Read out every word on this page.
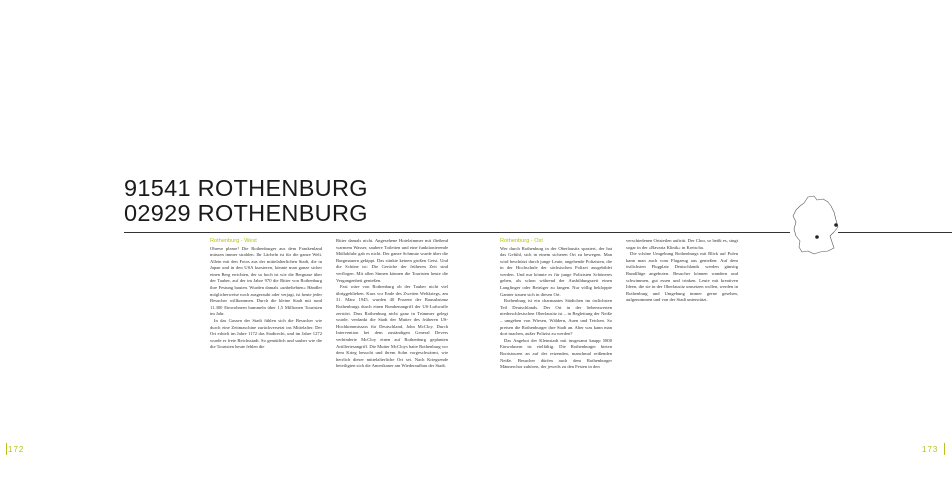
91541 ROTHENBURG
02929 ROTHENBURG
Rothenburg - West

Ohrese please! Die Rothenburger aus dem Frankenland müssen immer strahlen. Ihr Lächeln ist für die ganze Welt. Allein mit den Fotos aus der mittelalterlichen Stadt, die in Japan und in den USA kursieren, könnte man ganze sicher einen Berg errichten, der so hoch ist wie die Bergnase über der Tauber, auf der im Jahre 970 die Ritter von Rothenburg ihre Festung bauten. Wurden damals »unbeliebten« Händler möglicherweise noch ausgeraubt oder verjagt, ist heute jeder Besucher willkommen. Durch die kleine Stadt mit rund 11.300 Einwohnern bummeln über 1,5 Millionen Touristen im Jahr.

In das Gassen der Stadt fühlen sich die Besucher wie durch eine Zeitmaschine zurückversetzt ins Mittelalter. Der Ort erhielt im Jahre 1172 das Stadtrecht, und im Jahre 1272 wurde er freie Reichsstadt. So gemütlich und sauber wie die die Touristen heute fehlen die

Ritter damals nicht. Angesehene Hotelzimmer mit fließend warmem Wasser, saubere Toiletten und eine funktionierende Müllabfuhr gab es nicht. Der ganze Schmutz wurde über die Burgmauern gekippt. Das stinkte keinen großen Geist. Und die Schöne ist: Die Gerüche der früheren Zeit sind verflogen. Mit allen Sinnen können die Touristen heute die Vergangenheit genießen.

Fast wäre von Rothenburg ob der Tauber nicht viel übriggeblieben. Kurz vor Ende des Zweiten Weltkriegs, am 31. März 1945, wurden 40 Prozent der Bausubstanz Rothenburgs durch einen Bombenangriff der US-Luftwaffe zerstört. Dass Rothenburg nicht ganz in Trümmer gelegt wurde, verdankt die Stadt der Mutter des früheren US-Hochkommissars für Deutschland, John McCloy. Durch Intervention bei dem zuständigen General Devers verhinderte McCloy einen auf Rothenburg geplanten Artilleriesangriff. Die Mutter McCloys hatte Rothenburg vor dem Krieg besucht und ihrem Sohn vorgeschwärmt, wie herrlich dieser mittelalterliche Ort sei. Nach Kriegsende beteiligten sich die Amerikaner am Wiederaufbau der Stadt.

Rothenburg - Ost

Wer durch Rothenburg in der Oberlausitz spaziert, der hat das Gefühl, sich in einem sicheren Ort zu bewegen. Man wird beschützt durch junge Leute, angehende Polizisten, die in der Hochschule der sächsischen Polizei ausgebildet werden. Und nur könnte es für junge Polizisten Schöneres geben, als schon während der Ausbildungszeit einen Langfinger oder Betrüger zu fangen. Nur völlig bekloppte Ganner trauen sich in diesen Ort.

Rothenburg ist ein charmantes Städtchen im östlichsten Teil Deutschlands. Der Ort in der liebenswerten niederschlesischen Oberlausitz ist – in Begleitung der Neiße – umgeben von Wiesen, Wäldern, Auen und Teichen. So preisen die Rothenburger ihre Stadt an. Aber was kann man dort machen, außer Polizist zu werden?

Das Angebot der Kleinstadt mit insgesamt knapp 5800 Einwohnern ist vielfältig. Die Rothenburger bieten Bootstouren an auf der reizenden, manchmal reißenden Neiße. Besucher dürfen auch dem Rothenburger Männerchor zuhören, der jeweils zu den Festen in den

verschiedenen Ortsteilen auftritt. Der Chor, so heißt es, singt sogar in der »Bavaria Klinik« in Kreischa.

Die schöne Umgebung Rothenburgs mit Blick auf Polen kann man auch vom Flugzeug aus genießen: Auf dem östlichsten Flugplatz Deutschlands werden günstig Rundflüge angeboten. Besucher können wandern und schwimmen, gut essen und trinken. Leute mit kreativen Ideen, die sie in der Oberlausitz umsetzen wollen, werden in Rothenburg und Umgebung immer gerne gesehen, aufgenommen und von der Stadt unterstützt.

172	173
